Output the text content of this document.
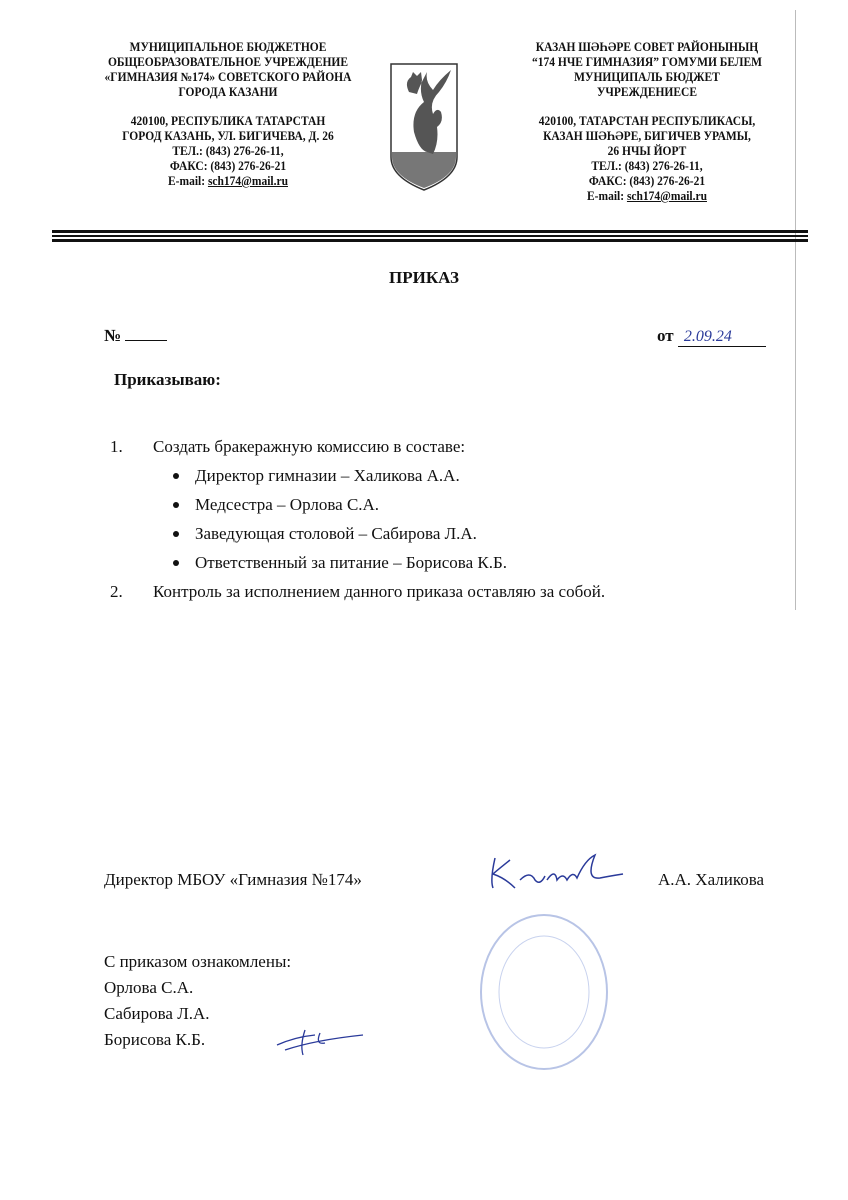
МУНИЦИПАЛЬНОЕ БЮДЖЕТНОЕ
ОБЩЕОБРАЗОВАТЕЛЬНОЕ УЧРЕЖДЕНИЕ
«ГИМНАЗИЯ №174» СОВЕТСКОГО РАЙОНА
ГОРОДА КАЗАНИ
420100, РЕСПУБЛИКА ТАТАРСТАН
ГОРОД КАЗАНЬ, УЛ. БИГИЧЕВА, Д. 26
ТЕЛ.: (843) 276-26-11,
ФАКС: (843) 276-26-21
E-mail: sch174@mail.ru
КАЗАН ШӘҺӘРЕ СОВЕТ РАЙОНЫНЫҢ
“174 НЧЕ ГИМНАЗИЯ” ГОМУМИ БЕЛЕМ
МУНИЦИПАЛЬ БЮДЖЕТ
УЧРЕЖДЕНИЕСЕ
420100, ТАТАРСТАН РЕСПУБЛИКАСЫ,
КАЗАН ШӘҺӘРЕ, БИГИЧЕВ УРАМЫ,
26 НЧЫ ЙОРТ
ТЕЛ.: (843) 276-26-11,
ФАКС: (843) 276-26-21
E-mail: sch174@mail.ru
ПРИКАЗ
№	от 2.09.24
Приказываю:
1. Создать бракеражную комиссию в составе:
Директор гимназии – Халикова А.А.
Медсестра – Орлова С.А.
Заведующая столовой – Сабирова Л.А.
Ответственный за питание – Борисова К.Б.
2. Контроль за исполнением данного приказа оставляю за собой.
Директор МБОУ «Гимназия №174»	А.А. Халикова
С приказом ознакомлены:
Орлова С.А.
Сабирова Л.А.
Борисова К.Б.
